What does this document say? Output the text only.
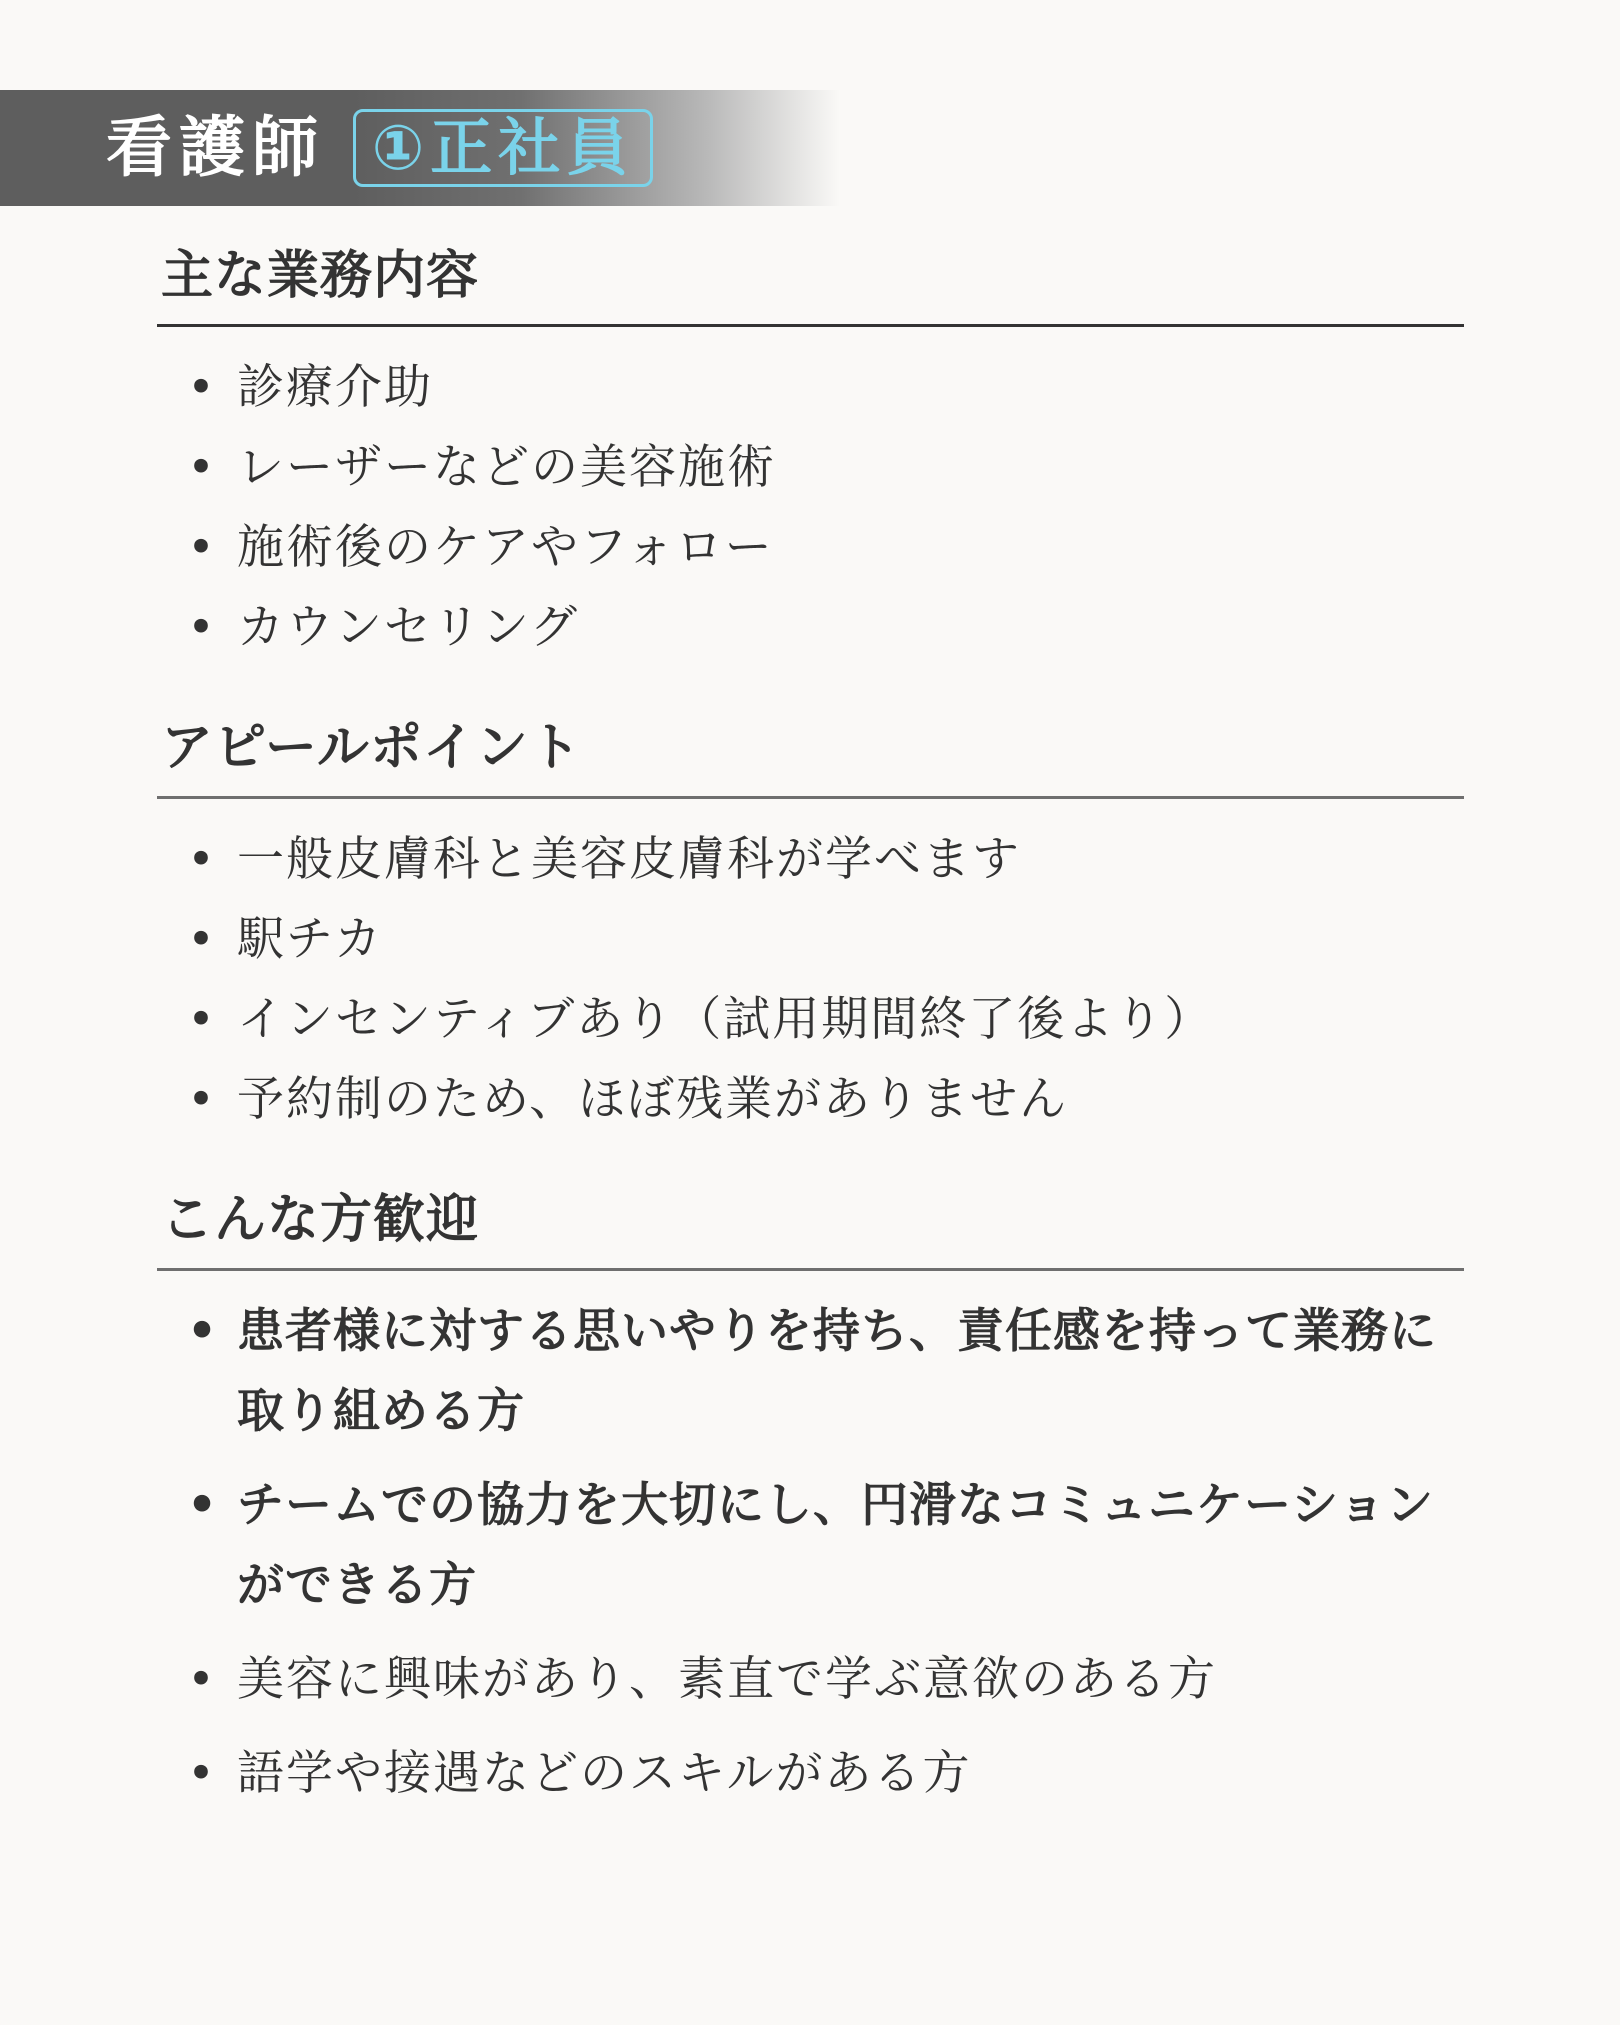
看護師 ①正社員
主な業務内容
• 診療介助
• レーザーなどの美容施術
• 施術後のケアやフォロー
• カウンセリング
アピールポイント
• 一般皮膚科と美容皮膚科が学べます
• 駅チカ
• インセンティブあり（試用期間終了後より）
• 予約制のため、ほぼ残業がありません
こんな方歓迎
• 患者様に対する思いやりを持ち、責任感を持って業務に取り組める方
• チームでの協力を大切にし、円滑なコミュニケーションができる方
• 美容に興味があり、素直で学ぶ意欲のある方
• 語学や接遇などのスキルがある方
